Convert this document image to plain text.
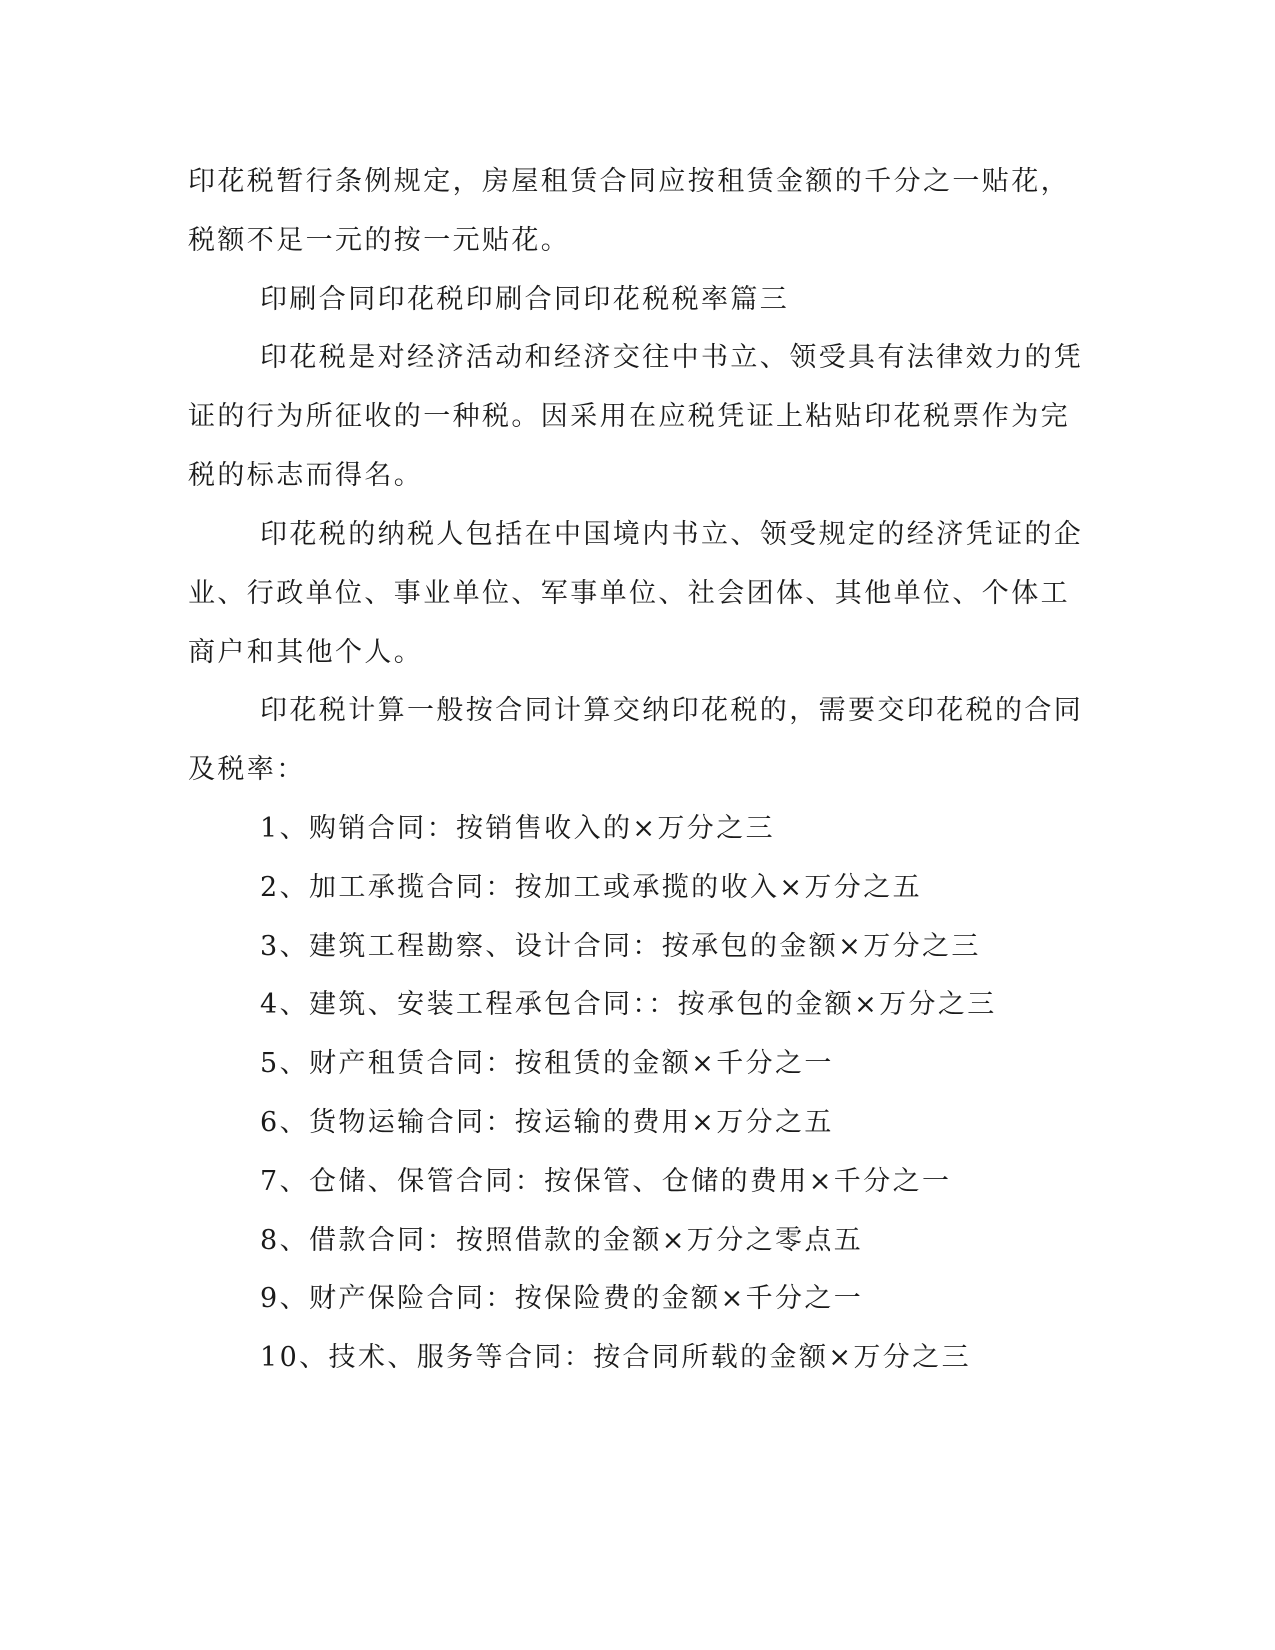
印花税暂行条例规定，房屋租赁合同应按租赁金额的千分之一贴花，
税额不足一元的按一元贴花。
印刷合同印花税印刷合同印花税税率篇三
印花税是对经济活动和经济交往中书立、领受具有法律效力的凭
证的行为所征收的一种税。因采用在应税凭证上粘贴印花税票作为完
税的标志而得名。
印花税的纳税人包括在中国境内书立、领受规定的经济凭证的企
业、行政单位、事业单位、军事单位、社会团体、其他单位、个体工
商户和其他个人。
印花税计算一般按合同计算交纳印花税的，需要交印花税的合同
及税率：
1、购销合同：按销售收入的×万分之三
2、加工承揽合同：按加工或承揽的收入×万分之五
3、建筑工程勘察、设计合同：按承包的金额×万分之三
4、建筑、安装工程承包合同：：按承包的金额×万分之三
5、财产租赁合同：按租赁的金额×千分之一
6、货物运输合同：按运输的费用×万分之五
7、仓储、保管合同：按保管、仓储的费用×千分之一
8、借款合同：按照借款的金额×万分之零点五
9、财产保险合同：按保险费的金额×千分之一
10、技术、服务等合同：按合同所载的金额×万分之三
